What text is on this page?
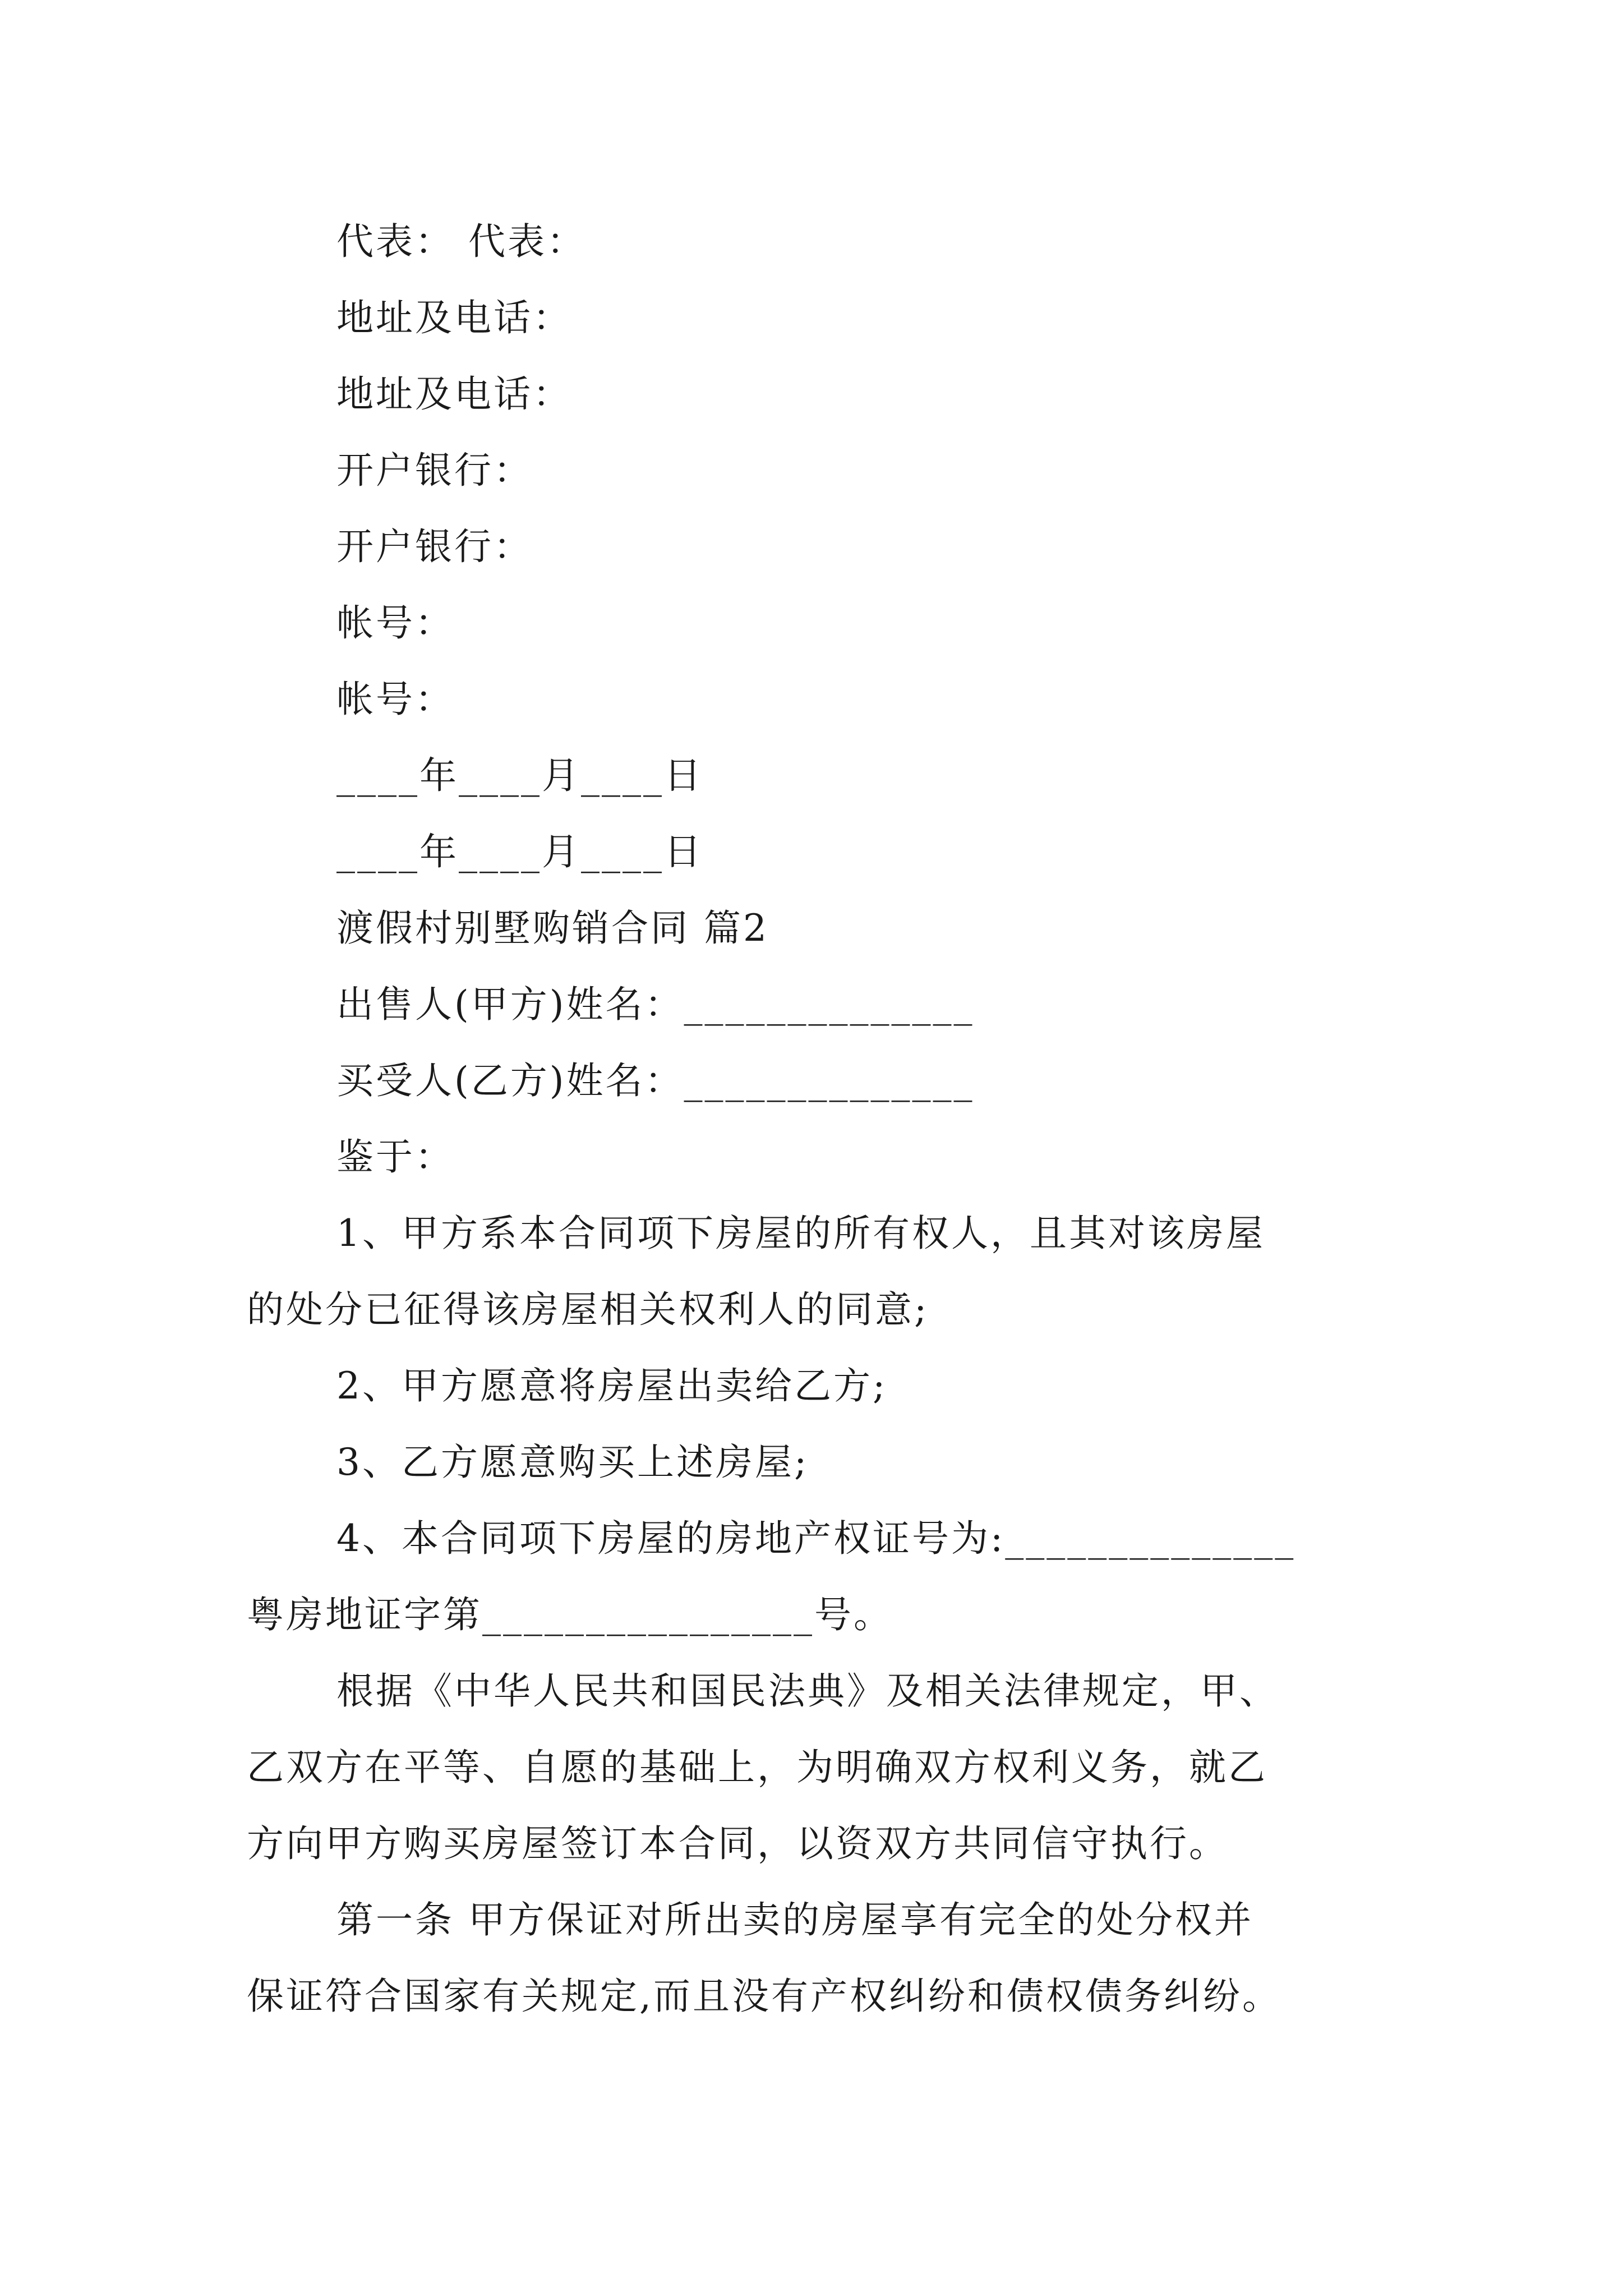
代表： 代表：
地址及电话：
地址及电话：
开户银行：
开户银行：
帐号：
帐号：
____年____月____日
____年____月____日
渡假村别墅购销合同 篇2
出售人(甲方)姓名：______________
买受人(乙方)姓名：______________
鉴于：
1、甲方系本合同项下房屋的所有权人，且其对该房屋
的处分已征得该房屋相关权利人的同意;
2、甲方愿意将房屋出卖给乙方;
3、乙方愿意购买上述房屋;
4、本合同项下房屋的房地产权证号为:______________
粤房地证字第________________号。
根据《中华人民共和国民法典》及相关法律规定，甲、
乙双方在平等、自愿的基础上，为明确双方权利义务，就乙
方向甲方购买房屋签订本合同，以资双方共同信守执行。
第一条 甲方保证对所出卖的房屋享有完全的处分权并
保证符合国家有关规定,而且没有产权纠纷和债权债务纠纷。
